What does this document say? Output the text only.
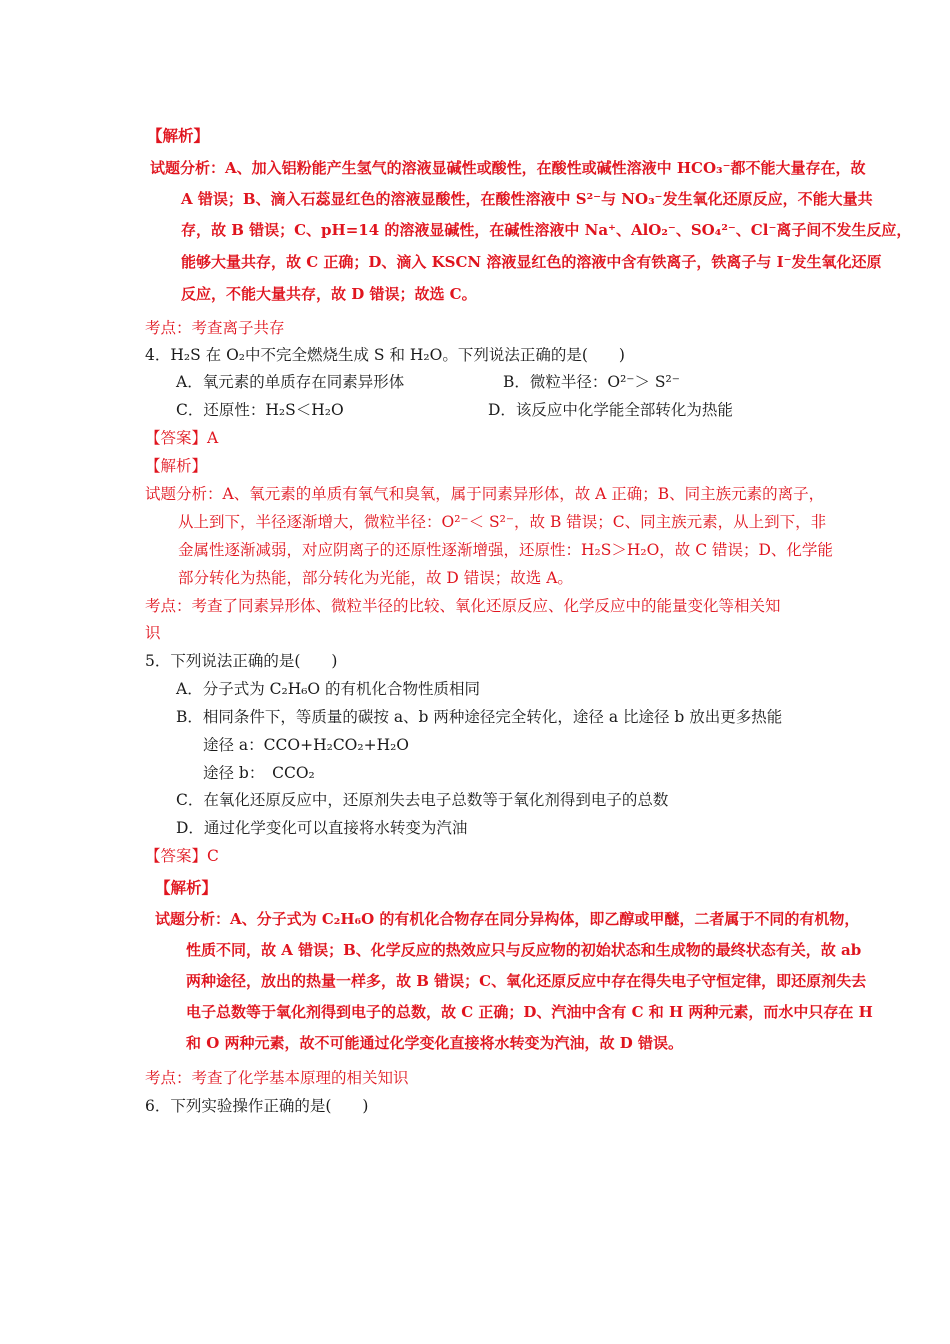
【解析】
试题分析：A、加入铝粉能产生氢气的溶液显碱性或酸性，在酸性或碱性溶液中 HCO₃⁻都不能大量存在，故
A 错误；B、滴入石蕊显红色的溶液显酸性，在酸性溶液中 S²⁻与 NO₃⁻发生氧化还原反应，不能大量共
存，故 B 错误；C、pH=14 的溶液显碱性，在碱性溶液中 Na⁺、AlO₂⁻、SO₄²⁻、Cl⁻离子间不发生反应，
能够大量共存，故 C 正确；D、滴入 KSCN 溶液显红色的溶液中含有铁离子，铁离子与 I⁻发生氧化还原
反应，不能大量共存，故 D 错误；故选 C。
考点：考查离子共存
4．H₂S 在 O₂中不完全燃烧生成 S 和 H₂O。下列说法正确的是(　　)
A．氧元素的单质存在同素异形体	B．微粒半径：O²⁻＞ S²⁻
C．还原性：H₂S＜H₂O	D．该反应中化学能全部转化为热能
【答案】A
【解析】
试题分析：A、氧元素的单质有氧气和臭氧，属于同素异形体，故 A 正确；B、同主族元素的离子，
从上到下，半径逐渐增大，微粒半径：O²⁻＜ S²⁻，故 B 错误；C、同主族元素，从上到下，非
金属性逐渐减弱，对应阴离子的还原性逐渐增强，还原性：H₂S＞H₂O，故 C 错误；D、化学能
部分转化为热能，部分转化为光能，故 D 错误；故选 A。
考点：考查了同素异形体、微粒半径的比较、氧化还原反应、化学反应中的能量变化等相关知
识
5．下列说法正确的是(　　)
A．分子式为 C₂H₆O 的有机化合物性质相同
B．相同条件下，等质量的碳按 a、b 两种途径完全转化，途径 a 比途径 b 放出更多热能
途径 a：CCO+H₂CO₂+H₂O
途径 b：　CCO₂
C．在氧化还原反应中，还原剂失去电子总数等于氧化剂得到电子的总数
D．通过化学变化可以直接将水转变为汽油
【答案】C
【解析】
试题分析：A、分子式为 C₂H₆O 的有机化合物存在同分异构体，即乙醇或甲醚，二者属于不同的有机物，
性质不同，故 A 错误；B、化学反应的热效应只与反应物的初始状态和生成物的最终状态有关，故 ab
两种途径，放出的热量一样多，故 B 错误；C、氧化还原反应中存在得失电子守恒定律，即还原剂失去
电子总数等于氧化剂得到电子的总数，故 C 正确；D、汽油中含有 C 和 H 两种元素，而水中只存在 H
和 O 两种元素，故不可能通过化学变化直接将水转变为汽油，故 D 错误。
考点：考查了化学基本原理的相关知识
6．下列实验操作正确的是(　　)
